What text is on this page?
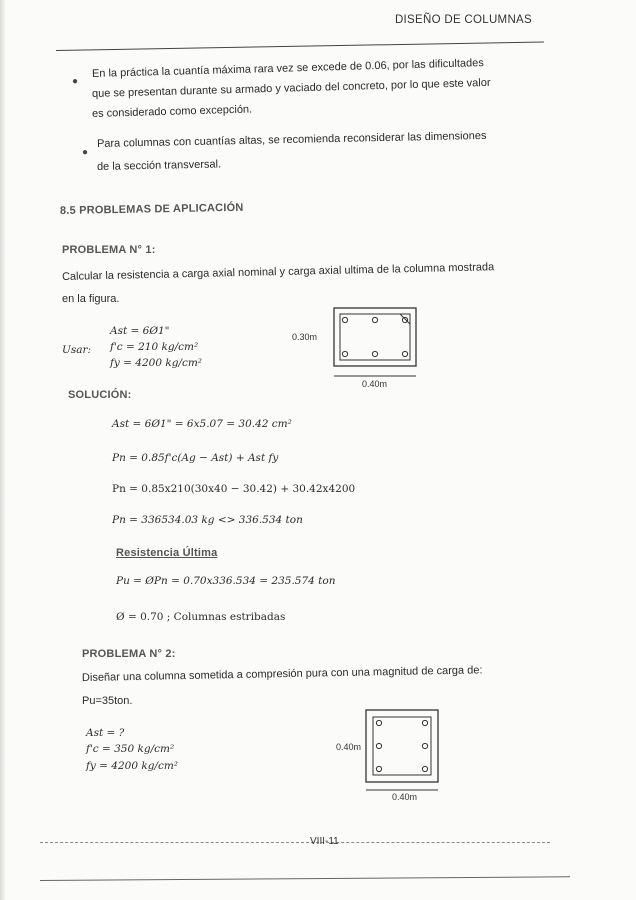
DISEÑO DE COLUMNAS
●
En la práctica la cuantía máxima rara vez se excede de 0.06, por las dificultades
que se presentan durante su armado y vaciado del concreto, por lo que este valor
es considerado como excepción.
●
Para columnas con cuantías altas, se recomienda reconsiderar las dimensiones
de la sección transversal.
8.5 PROBLEMAS DE APLICACIÓN
PROBLEMA N° 1:
Calcular la resistencia a carga axial nominal y carga axial ultima de la columna mostrada
en la figura.
Usar:
Ast = 6Ø1"
f'c = 210 kg/cm²
fy = 4200 kg/cm²
0.40m
0.30m
SOLUCIÓN:
Ast = 6Ø1" = 6x5.07 = 30.42 cm²
Pn = 0.85f'c(Ag − Ast) + Ast fy
Pn = 0.85x210(30x40 − 30.42) + 30.42x4200
Pn = 336534.03 kg <> 336.534 ton
Resistencia Última
Pu = ØPn = 0.70x336.534 = 235.574 ton
Ø = 0.70 ; Columnas estribadas
PROBLEMA N° 2:
Diseñar una columna sometida a compresión pura con una magnitud de carga de:
Pu=35ton.
Ast = ?
f'c = 350 kg/cm²
fy = 4200 kg/cm²
0.40m
0.40m
VIII-11
